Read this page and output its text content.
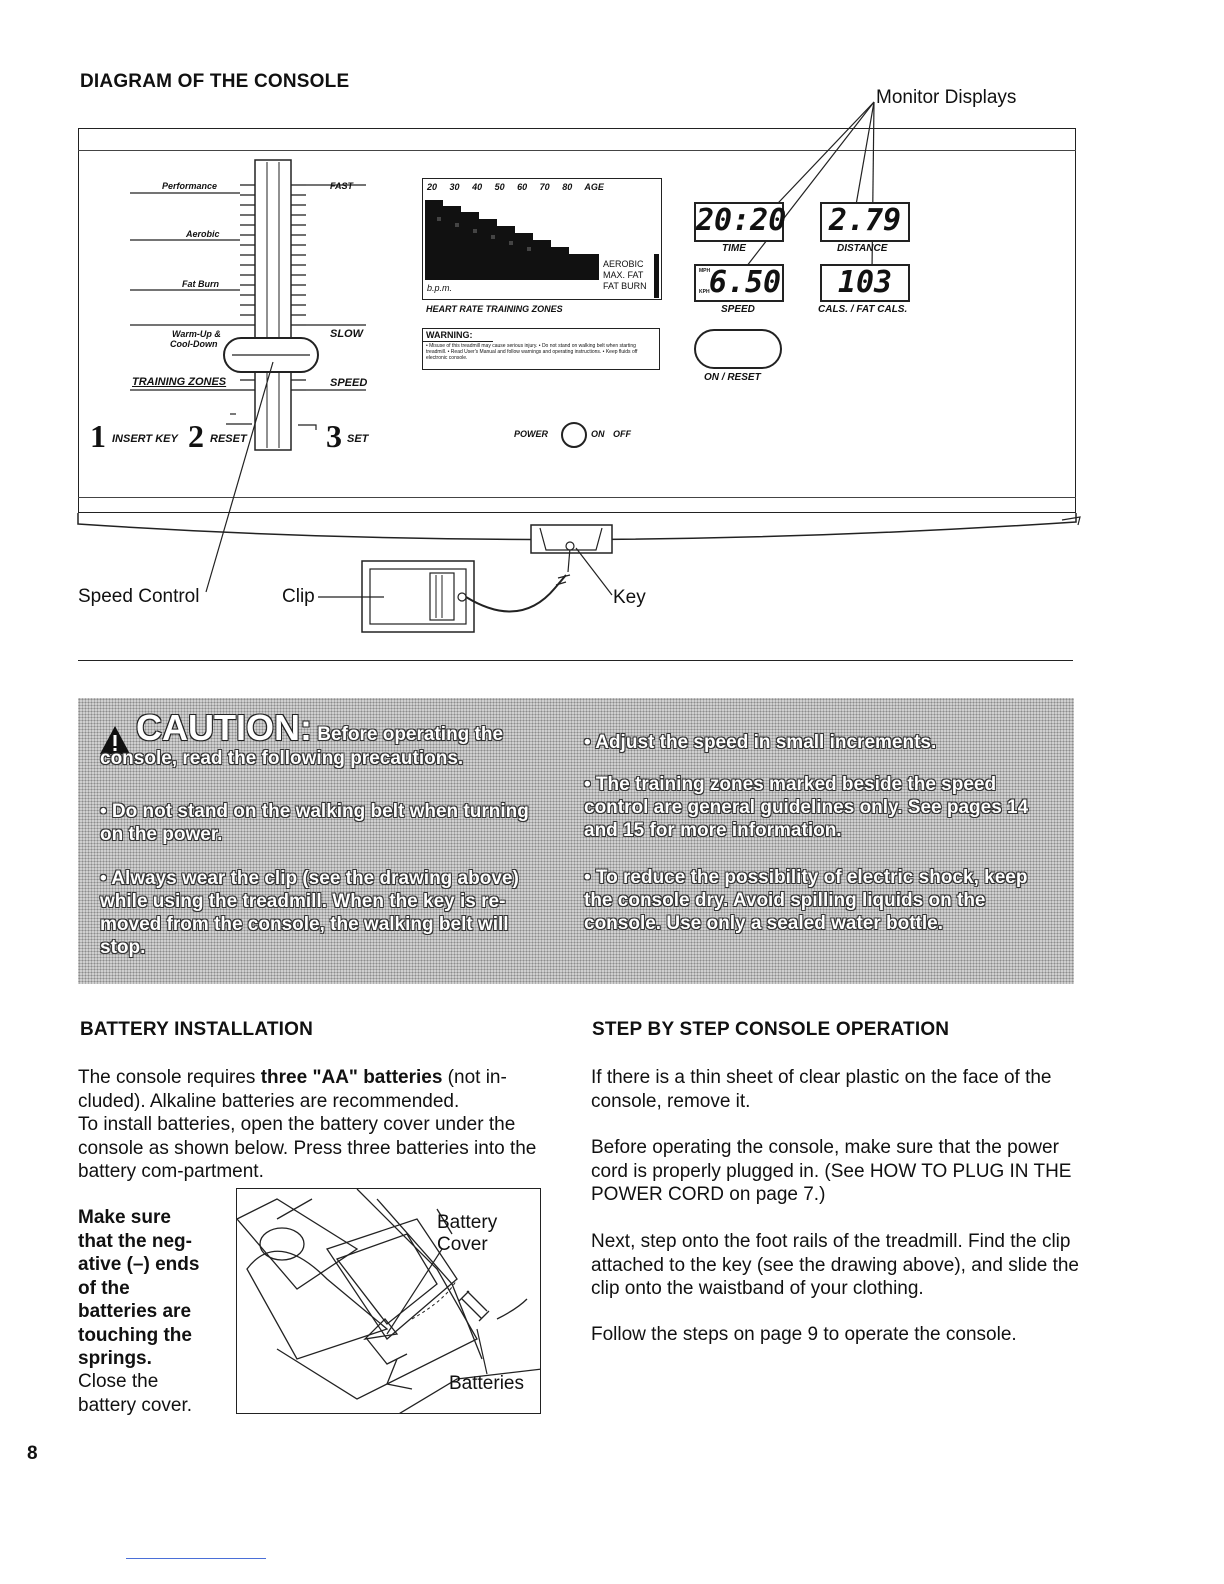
DIAGRAM OF THE CONSOLE
Monitor Displays
Performance
Aerobic
Fat Burn
Warm-Up &
Cool-Down
FAST
SLOW
TRAINING ZONES	SPEED
1 INSERT KEY 2 RESET 3 SET
20 30 40 50 60 70 80 AGE
b.p.m.
AEROBIC
MAX. FAT
FAT BURN
HEART RATE TRAINING ZONES
WARNING:
• Misuse of this treadmill may cause serious injury. • Do not stand on walking belt when starting treadmill. • Read User's Manual and follow warnings and operating instructions. • Keep fluids off electronic console.
POWER	ON OFF
20:20
TIME
2.79
DISTANCE
6.50
MPH
KPH
SPEED
103
CALS. / FAT CALS.
ON / RESET
Speed Control	Clip	Key
CAUTION: Before operating the console, read the following precautions.
• Do not stand on the walking belt when turning on the power.
• Always wear the clip (see the drawing above) while using the treadmill. When the key is re-moved from the console, the walking belt will stop.
• Adjust the speed in small increments.
• The training zones marked beside the speed control are general guidelines only. See pages 14 and 15 for more information.
• To reduce the possibility of electric shock, keep the console dry. Avoid spilling liquids on the console. Use only a sealed water bottle.
BATTERY INSTALLATION
The console requires three "AA" batteries (not in-cluded). Alkaline batteries are recommended.
To install batteries, open the battery cover under the console as shown below. Press three batteries into the battery com-partment.
Make sure that the neg-ative (–) ends of the batteries are touching the springs.
Close the battery cover.
Battery Cover
Batteries
STEP BY STEP CONSOLE OPERATION
If there is a thin sheet of clear plastic on the face of the console, remove it.
Before operating the console, make sure that the power cord is properly plugged in. (See HOW TO PLUG IN THE POWER CORD on page 7.)
Next, step onto the foot rails of the treadmill. Find the clip attached to the key (see the drawing above), and slide the clip onto the waistband of your clothing.
Follow the steps on page 9 to operate the console.
8
